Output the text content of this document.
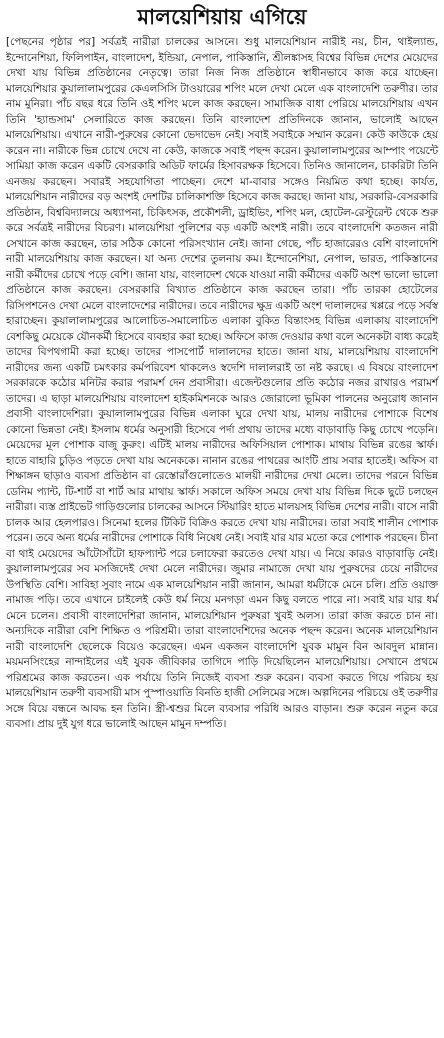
মালয়েশিয়ায় এগিয়ে

[পেছনের পৃষ্ঠার পর] সর্বত্রই নারীরা চালকের আসনে। শুধু মালয়েশিয়ান নারীই নয়, চীন, থাইল্যান্ড, ইন্দোনেশিয়া, ফিলিপাইন, বাংলাদেশ, ইন্ডিয়া, নেপাল, পাকিস্তানি, শ্রীলঙ্কাসহ বিশ্বের বিভিন্ন দেশের মেয়েদের দেখা যায় বিভিন্ন প্রতিষ্ঠানের নেতৃত্বে। তারা নিজ নিজ প্রতিষ্ঠানে স্বাধীনভাবে কাজ করে যাচ্ছেন। মালয়েশিয়ার কুয়ালালামপুরের কেএলসিসি টাওয়ারের শপিং মলে দেখা মেলে এক বাংলাদেশি তরুণীর। তার নাম মুনিরা। পাঁচ বছর ধরে তিনি ওই শপিং মলে কাজ করছেন। সামাজিক বাধা পেরিয়ে মালয়েশিয়ায় এখন তিনি 'হ্যান্ডসাম' সেলারিতে কাজ করছেন। তিনি বাংলাদেশ প্রতিদিনকে জানান, ভালোই আছেন মালয়েশিয়ায়। এখানে নারী-পুরুষের কোনো ভেদাভেদ নেই। সবাই সবাইকে সম্মান করেন। কেউ কাউকে হেয় করেন না। নারীকে ভিন্ন চোখে দেখে না কেউ, কাজকে সবাই পছন্দ করেন। কুয়ালালামপুরের আম্পাং পয়েন্টে সামিয়া কাজ করেন একটি বেসরকারি অডিট ফার্মের হিসাবরক্ষক হিসেবে। তিনিও জানালেন, চাকরিটা তিনি এনজয় করছেন। সবারই সহযোগিতা পাচ্ছেন। দেশে মা-বাবার সঙ্গেও নিয়মিত কথা হচ্ছে। কার্যত, মালয়েশিয়ান নারীদের বড় অংশই দেশটির চালিকাশক্তি হিসেবে কাজ করছে। জানা যায়, সরকারি-বেসরকারি প্রতিষ্ঠান, বিশ্ববিদ্যালয়ে অধ্যাপনা, চিকিৎসক, প্রকৌশলী, ড্রাইভিং, শপিং মল, হোটেল-রেস্টুরেন্ট থেকে শুরু করে সর্বত্রই নারীদের বিচরণ। মালয়েশিয়া পুলিশের বড় একটি অংশই নারী। তবে বাংলাদেশি কতজন নারী সেখানে কাজ করছেন, তার সঠিক কোনো পরিসংখ্যান নেই। জানা গেছে, পাঁচ হাজারেরও বেশি বাংলাদেশি নারী মালয়েশিয়ায় কাজ করছেন। যা অন্য দেশের তুলনায় কম। ইন্দোনেশিয়া, নেপাল, ভারত, পাকিস্তানের নারী কর্মীদের চোখে পড়ে বেশি। জানা যায়, বাংলাদেশ থেকে যাওয়া নারী কর্মীদের একটি অংশ ভালো ভালো প্রতিষ্ঠানে কাজ করছেন। বেসরকারি বিখ্যাত প্রতিষ্ঠানে কাজ করছেন তারা। পাঁচ তারকা হোটেলের রিসিপশনেও দেখা মেলে বাংলাদেশের নারীদের। তবে নারীদের ক্ষুদ্র একটি অংশ দালালদের খপ্পরে পড়ে সর্বস্ব হারাচ্ছেন। কুয়ালালামপুরের আলোচিত-সমালোচিত এলাকা বুকিত বিন্তাংসহ বিভিন্ন এলাকায় বাংলাদেশি বেশকিছু মেয়েকে যৌনকর্মী হিসেবে ব্যবহার করা হচ্ছে। অফিসে কাজ দেওয়ার কথা বলে অনেকটা বাধ্য করেই তাদের বিপথগামী করা হচ্ছে। তাদের পাসপোর্ট দালালদের হাতে। জানা যায়, মালয়েশিয়ায় বাংলাদেশি নারীদের জন্য একটি চমৎকার কর্মপরিবেশ থাকলেও স্বদেশি দালালরাই তা নষ্ট করছে। এ বিষয়ে বাংলাদেশ সরকারকে কঠোর মনিটর করার পরামর্শ দেন প্রবাসীরা। এজেন্টগুলোর প্রতি কঠোর নজর রাখারও পরামর্শ তাদের। এ ছাড়া মালয়েশিয়ায় বাংলাদেশ হাইকমিশনকে আরও জোরালো ভূমিকা পালনের অনুরোধ জানান প্রবাসী বাংলাদেশিরা। কুয়ালালামপুরের বিভিন্ন এলাকা ঘুরে দেখা যায়, মালয় নারীদের পোশাকে বিশেষ কোনো ভিন্নতা নেই। ইসলাম ধর্মের অনুসারী হিসেবে পর্দা প্রথায় তাদের মধ্যে বাড়াবাড়ি কিছু চোখে পড়েনি। মেয়েদের মূল পোশাক বাজু কুরুং। এটিই মালয় নারীদের অফিসিয়াল পোশাক। মাথায় বিভিন্ন রঙের স্কার্ফ। হাতে বাহারি চুড়িও পড়তে দেখা যায় অনেককে। নানান রঙের পাথরের আংটি প্রায় সবার হাতেই। অফিস বা শিক্ষাঙ্গন ছাড়াও ব্যবসা প্রতিষ্ঠান বা রেস্তোরাঁগুলোতেও মালয়ী নারীদের দেখা মেলে। তাদের পরনে বিভিন্ন ডেনিম প্যান্ট, টি-শার্ট বা শার্ট আর মাথায় স্কার্ফ। সকালে অফিস সময়ে দেখা যায় বিভিন্ন দিকে ছুটে চলছেন নারীরা। ব্যস্ত প্রাইভেট গাড়িগুলোর চালকের আসনে স্টিয়ারিং হাতে মালয়সহ বিভিন্ন দেশের নারী। বাসে নারী চালক আর হেলপারও। সিনেমা হলের টিকিট বিক্রিও করতে দেখা যায় নারীদের। তারা সবাই শালীন পোশাক পরেন। তবে অন্য ধর্মের নারীদের পোশাকে বিধি নিষেধ নেই। সবাই যার যার মতো করে পোশাক পরছেন। চীনা বা থাই মেয়েদের আঁটোসাঁটো হাফপ্যান্ট পরে চলাফেরা করতেও দেখা যায়। এ নিয়ে কারও বাড়াবাড়ি নেই। কুয়ালালামপুরের সব মসজিদেই দেখা মেলে নারীদের। জুমার নামাজে দেখা যায় পুরুষদের চেয়ে নারীদের উপস্থিতি বেশি। সাবিহা সুবাং নামে এক মালয়েশিয়ান নারী জানান, আমরা ধর্মটাকে মেনে চলি। প্রতি ওয়াক্ত নামাজ পড়ি। তবে এখানে চাইলেই কেউ ধর্ম নিয়ে মনগড়া এমন কিছু বলতে পারে না। সবাই যার যার ধর্ম মেনে চলেন। প্রবাসী বাংলাদেশিরা জানান, মালয়েশিয়ান পুরুষরা খুবই অলস। তারা কাজ করতে চান না। অন্যদিকে নারীরা বেশি শিক্ষিত ও পরিশ্রমী। তারা বাংলাদেশিদের অনেক পছন্দ করেন। অনেক মালয়েশিয়ান নারী বাংলাদেশি ছেলেকে বিয়েও করেছেন। এমন একজন বাংলাদেশি যুবক মামুন বিন আবদুল মান্নান। ময়মনসিংহের নান্দাইলের এই যুবক জীবিকার তাগিদে পাড়ি দিয়েছিলেন মালয়েশিয়ায়। সেখানে প্রথমে পরিশ্রমের কাজ করতেন। এক পর্যায়ে তিনি নিজেই ব্যবসা শুরু করেন। ব্যবসা করতে গিয়ে পরিচয় হয় মালয়েশিয়ান তরুণী ব্যবসায়ী মাস পুস্পাওয়াতি বিনতি হাজী সেলিমের সঙ্গে। অল্পদিনের পরিচয়ে ওই তরুণীর সঙ্গে বিয়ে বন্ধনে আবদ্ধ হন তিনি। স্ত্রী-শ্বশুর মিলে ব্যবসার পরিধি আরও বাড়ান। শুরু করেন নতুন করে ব্যবসা। প্রায় দুই যুগ ধরে ভালোই আছেন মামুন দম্পতি।
